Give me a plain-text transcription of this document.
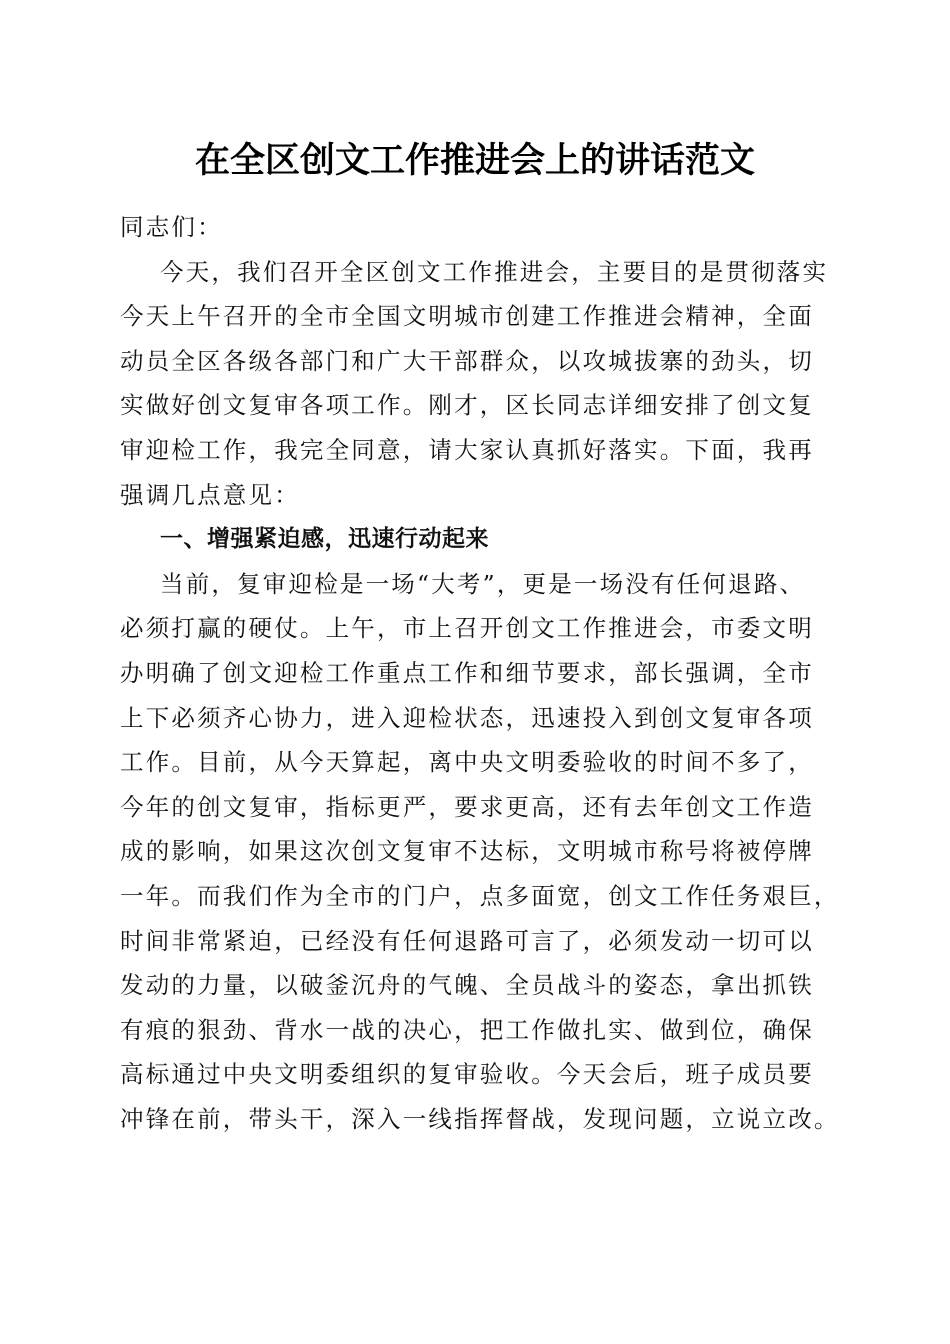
在全区创文工作推进会上的讲话范文
同志们：
今天，我们召开全区创文工作推进会，主要目的是贯彻落实
今天上午召开的全市全国文明城市创建工作推进会精神，全面
动员全区各级各部门和广大干部群众，以攻城拔寨的劲头，切
实做好创文复审各项工作。刚才，区长同志详细安排了创文复
审迎检工作，我完全同意，请大家认真抓好落实。下面，我再
强调几点意见：
一、增强紧迫感，迅速行动起来
当前，复审迎检是一场“大考”，更是一场没有任何退路、
必须打赢的硬仗。上午，市上召开创文工作推进会，市委文明
办明确了创文迎检工作重点工作和细节要求，部长强调，全市
上下必须齐心协力，进入迎检状态，迅速投入到创文复审各项
工作。目前，从今天算起，离中央文明委验收的时间不多了，
今年的创文复审，指标更严，要求更高，还有去年创文工作造
成的影响，如果这次创文复审不达标，文明城市称号将被停牌
一年。而我们作为全市的门户，点多面宽，创文工作任务艰巨，
时间非常紧迫，已经没有任何退路可言了，必须发动一切可以
发动的力量，以破釜沉舟的气魄、全员战斗的姿态，拿出抓铁
有痕的狠劲、背水一战的决心，把工作做扎实、做到位，确保
高标通过中央文明委组织的复审验收。今天会后，班子成员要
冲锋在前，带头干，深入一线指挥督战，发现问题，立说立改。
